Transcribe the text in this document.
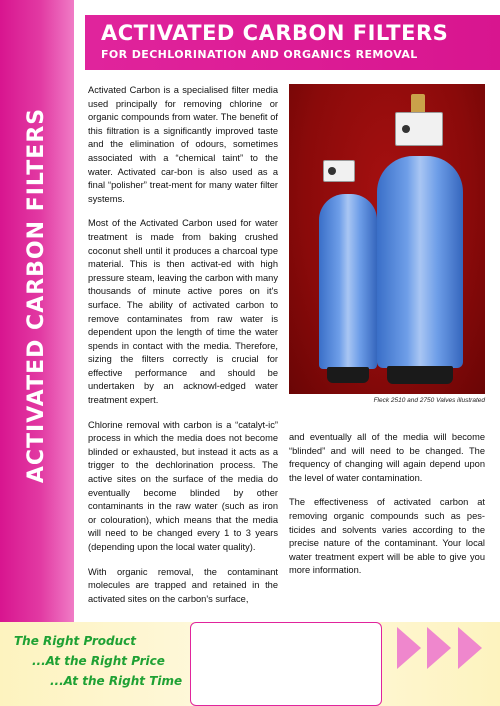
ACTIVATED CARBON FILTERS
ACTIVATED CARBON FILTERS
FOR DECHLORINATION AND ORGANICS REMOVAL

Activated Carbon is a specialised filter media used principally for removing chlorine or organic compounds from water. The benefit of this filtration is a significantly improved taste and the elimination of odours, sometimes associated with a “chemical taint” to the water. Activated car-bon is also used as a final “polisher” treat-ment for many water filter systems.

Most of the Activated Carbon used for water treatment is made from baking crushed coconut shell until it produces a charcoal type material. This is then activat-ed with high pressure steam, leaving the carbon with many thousands of minute active pores on it's surface. The ability of activated carbon to remove contaminates from raw water is dependent upon the length of time the water spends in contact with the media. Therefore, sizing the filters correctly is crucial for effective performance and should be undertaken by an acknowl-edged water treatment expert.

Chlorine removal with carbon is a “catalyt-ic” process in which the media does not become blinded or exhausted, but instead it acts as a trigger to the dechlorination process. The active sites on the surface of the media do eventually become blinded by other contaminants in the raw water (such as iron or colouration), which means that the media will need to be changed every 1 to 3 years (depending upon the local water quality).

With organic removal, the contaminant molecules are trapped and retained in the activated sites on the carbon's surface,

Fleck 2510 and 2750 Valves illustrated

and eventually all of the media will become “blinded” and will need to be changed. The frequency of changing will again depend upon the level of water contamination.

The effectiveness of activated carbon at removing organic compounds such as pes-ticides and solvents varies according to the precise nature of the contaminant. Your local water treatment expert will be able to give you more information.

The Right Product
...At the Right Price
...At the Right Time
